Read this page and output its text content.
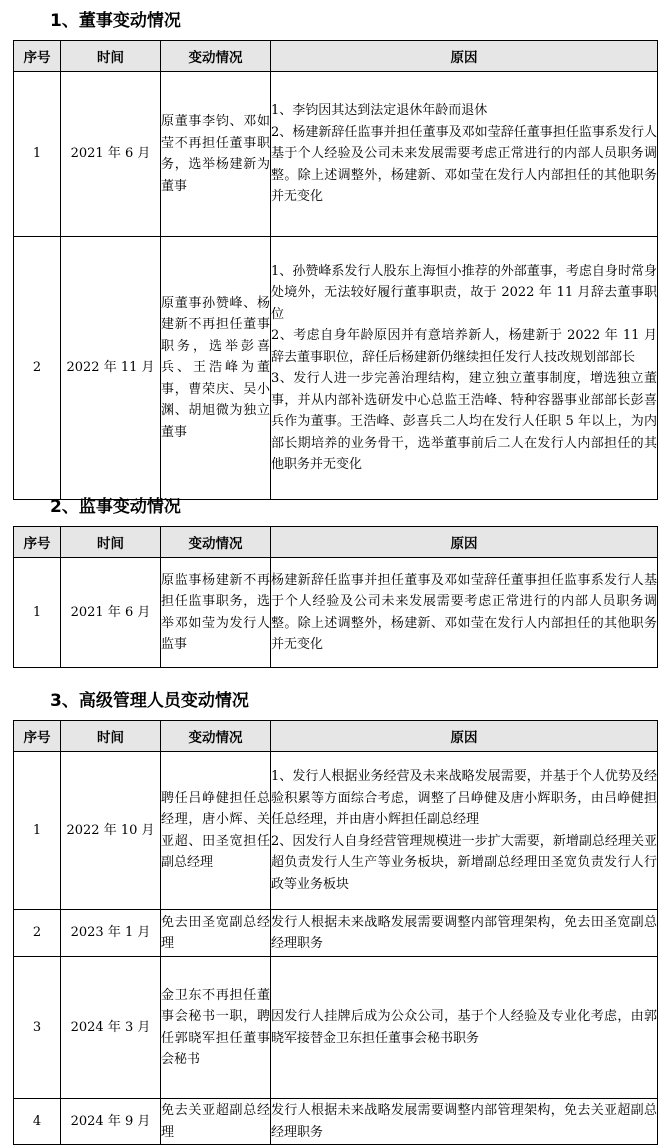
1、董事变动情况
序号	时间	变动情况	原因
1	2021 年 6 月	原董事李钧、邓如莹不再担任董事职务，选举杨建新为董事	1、李钧因其达到法定退休年龄而退休
2、杨建新辞任监事并担任董事及邓如莹辞任董事担任监事系发行人基于个人经验及公司未来发展需要考虑正常进行的内部人员职务调整。除上述调整外，杨建新、邓如莹在发行人内部担任的其他职务并无变化

2	2022 年 11 月	原董事孙赞峰、杨建新不再担任董事职务，选举彭喜兵、王浩峰为董事，曹荣庆、吴小渊、胡旭微为独立董事	1、孙赞峰系发行人股东上海恒小推荐的外部董事，考虑自身时常身处境外，无法较好履行董事职责，故于 2022 年 11 月辞去董事职位
2、考虑自身年龄原因并有意培养新人，杨建新于 2022 年 11 月辞去董事职位，辞任后杨建新仍继续担任发行人技改规划部部长
3、发行人进一步完善治理结构，建立独立董事制度，增选独立董事，并从内部补选研发中心总监王浩峰、特种容器事业部部长彭喜兵作为董事。王浩峰、彭喜兵二人均在发行人任职 5 年以上，为内部长期培养的业务骨干，选举董事前后二人在发行人内部担任的其他职务并无变化
2、监事变动情况
序号	时间	变动情况	原因
1	2021 年 6 月	原监事杨建新不再担任监事职务，选举邓如莹为发行人监事	杨建新辞任监事并担任董事及邓如莹辞任董事担任监事系发行人基于个人经验及公司未来发展需要考虑正常进行的内部人员职务调整。除上述调整外，杨建新、邓如莹在发行人内部担任的其他职务并无变化
3、高级管理人员变动情况
序号	时间	变动情况	原因
1	2022 年 10 月	聘任吕峥健担任总经理，唐小辉、关亚超、田圣宽担任副总经理	1、发行人根据业务经营及未来战略发展需要，并基于个人优势及经验积累等方面综合考虑，调整了吕峥健及唐小辉职务，由吕峥健担任总经理，并由唐小辉担任副总经理
2、因发行人自身经营管理规模进一步扩大需要，新增副总经理关亚超负责发行人生产等业务板块，新增副总经理田圣宽负责发行人行政等业务板块

2	2023 年 1 月	免去田圣宽副总经理	发行人根据未来战略发展需要调整内部管理架构，免去田圣宽副总经理职务

3	2024 年 3 月	金卫东不再担任董事会秘书一职，聘任郭晓军担任董事会秘书	因发行人挂牌后成为公众公司，基于个人经验及专业化考虑，由郭晓军接替金卫东担任董事会秘书职务

4	2024 年 9 月	免去关亚超副总经理	发行人根据未来战略发展需要调整内部管理架构，免去关亚超副总经理职务
